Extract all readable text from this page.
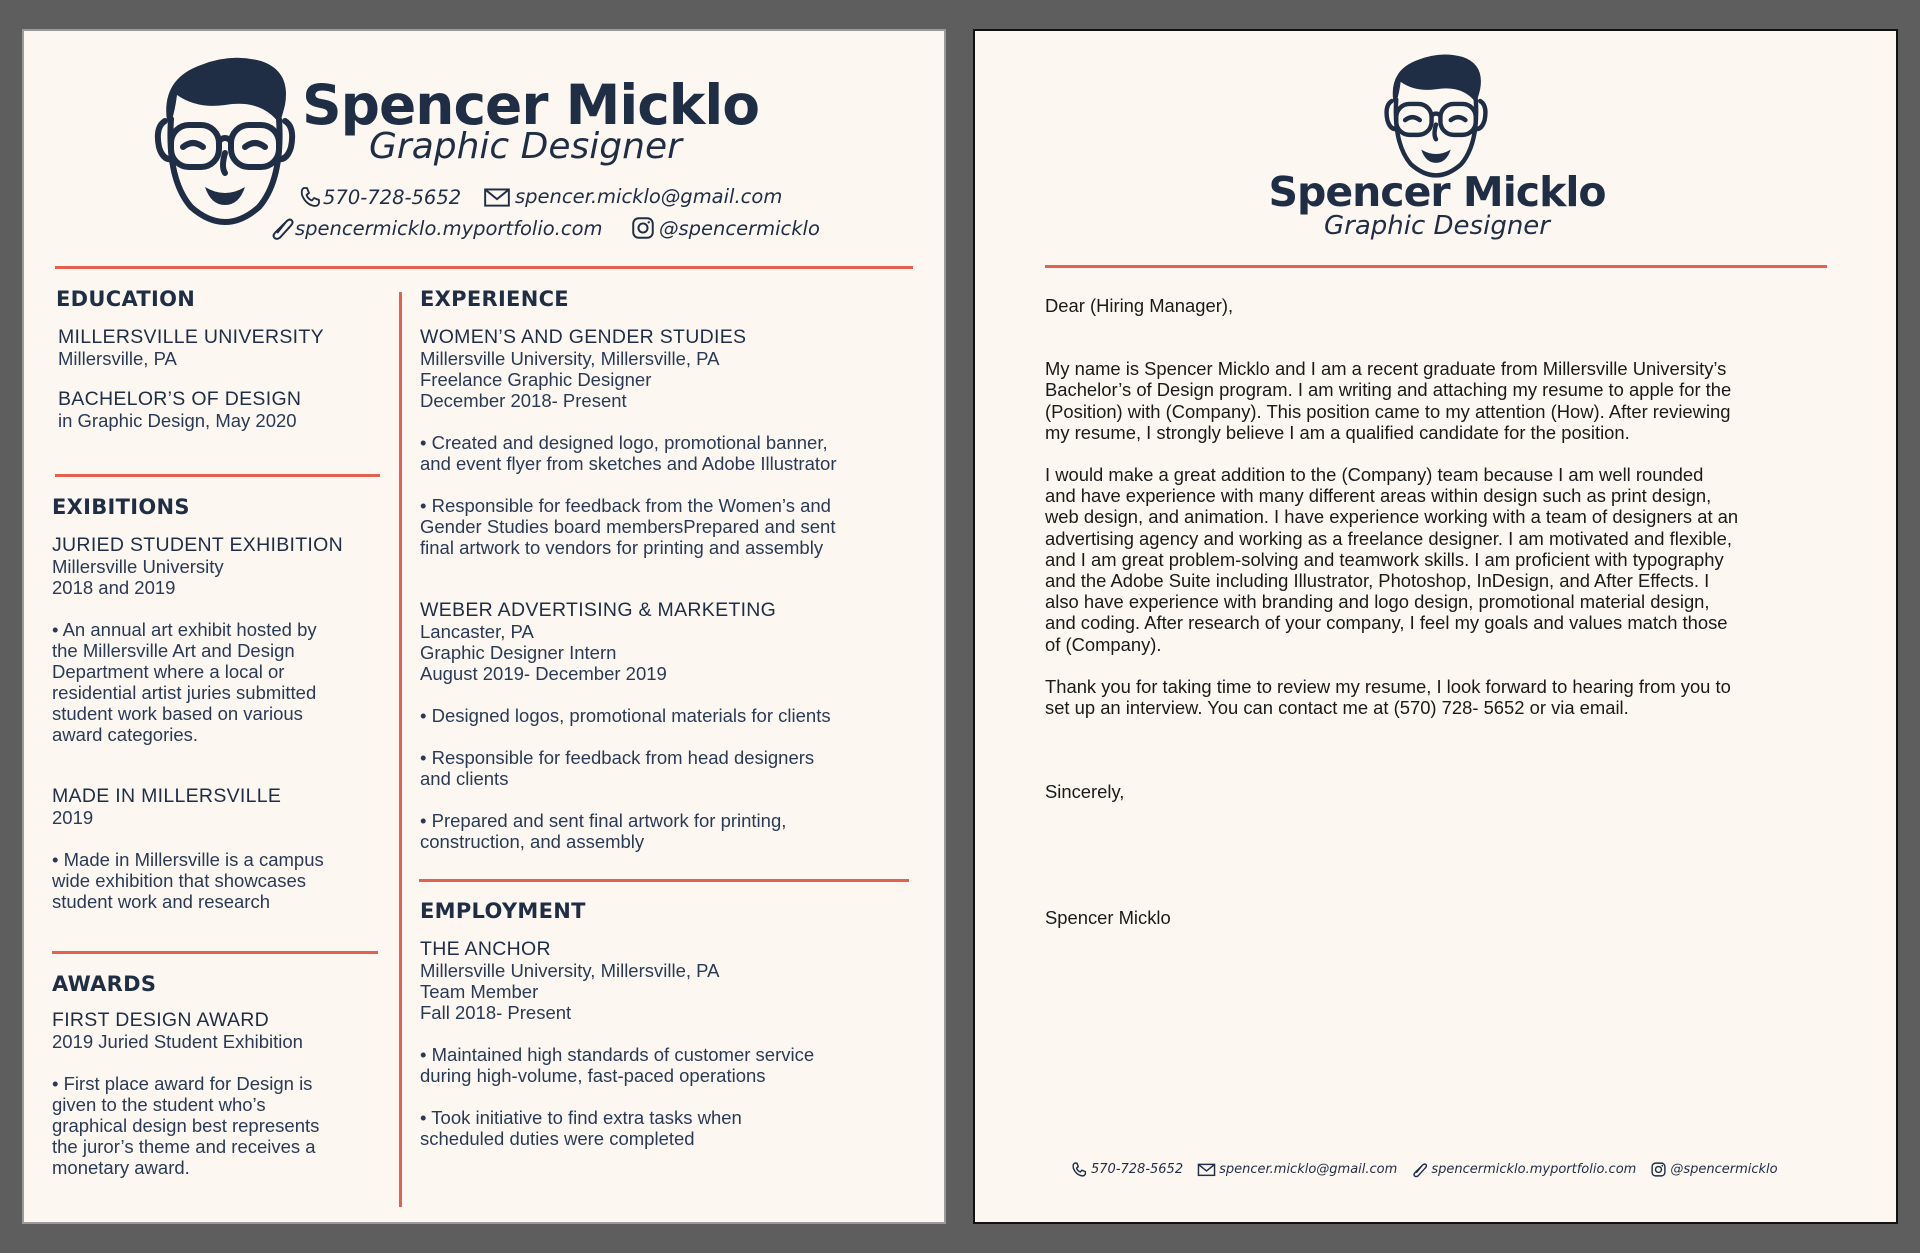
Spencer Micklo
Graphic Designer
570-728-5652	spencer.micklo@gmail.com
spencermicklo.myportfolio.com	@spencermicklo
EDUCATION

MILLERSVILLE UNIVERSITY

Millersville, PA

BACHELOR’S OF DESIGN

in Graphic Design, May 2020

EXIBITIONS

JURIED STUDENT EXHIBITION

Millersville University

2018 and 2019

• An annual art exhibit hosted by

the Millersville Art and Design

Department where a local or

residential artist juries submitted

student work based on various

award categories.

MADE IN MILLERSVILLE

2019

• Made in Millersville is a campus

wide exhibition that showcases

student work and research

AWARDS

FIRST DESIGN AWARD

2019 Juried Student Exhibition

• First place award for Design is

given to the student who’s

graphical design best represents

the juror’s theme and receives a

monetary award.

EXPERIENCE

WOMEN’S AND GENDER STUDIES

Millersville University, Millersville, PA

Freelance Graphic Designer

December 2018- Present

• Created and designed logo, promotional banner,

and event flyer from sketches and Adobe Illustrator

• Responsible for feedback from the Women’s and

Gender Studies board membersPrepared and sent

final artwork to vendors for printing and assembly

WEBER ADVERTISING & MARKETING

Lancaster, PA

Graphic Designer Intern

August 2019- December 2019

• Designed logos, promotional materials for clients

• Responsible for feedback from head designers

and clients

• Prepared and sent final artwork for printing,

construction, and assembly

EMPLOYMENT

THE ANCHOR

Millersville University, Millersville, PA

Team Member

Fall 2018- Present

• Maintained high standards of customer service

during high-volume, fast-paced operations

• Took initiative to find extra tasks when

scheduled duties were completed

Spencer Micklo
Graphic Designer

Dear (Hiring Manager),

My name is Spencer Micklo and I am a recent graduate from Millersville University’s

Bachelor’s of Design program. I am writing and attaching my resume to apple for the

(Position) with (Company). This position came to my attention (How). After reviewing

my resume, I strongly believe I am a qualified candidate for the position.

I would make a great addition to the (Company) team because I am well rounded

and have experience with many different areas within design such as print design,

web design, and animation. I have experience working with a team of designers at an

advertising agency and working as a freelance designer. I am motivated and flexible,

and I am great problem-solving and teamwork skills. I am proficient with typography

and the Adobe Suite including Illustrator, Photoshop, InDesign, and After Effects. I

also have experience with branding and logo design, promotional material design,

and coding. After research of your company, I feel my goals and values match those

of (Company).

Thank you for taking time to review my resume, I look forward to hearing from you to

set up an interview. You can contact me at (570) 728- 5652 or via email.

Sincerely,

Spencer Micklo

570-728-5652	spencer.micklo@gmail.com	spencermicklo.myportfolio.com	@spencermicklo
